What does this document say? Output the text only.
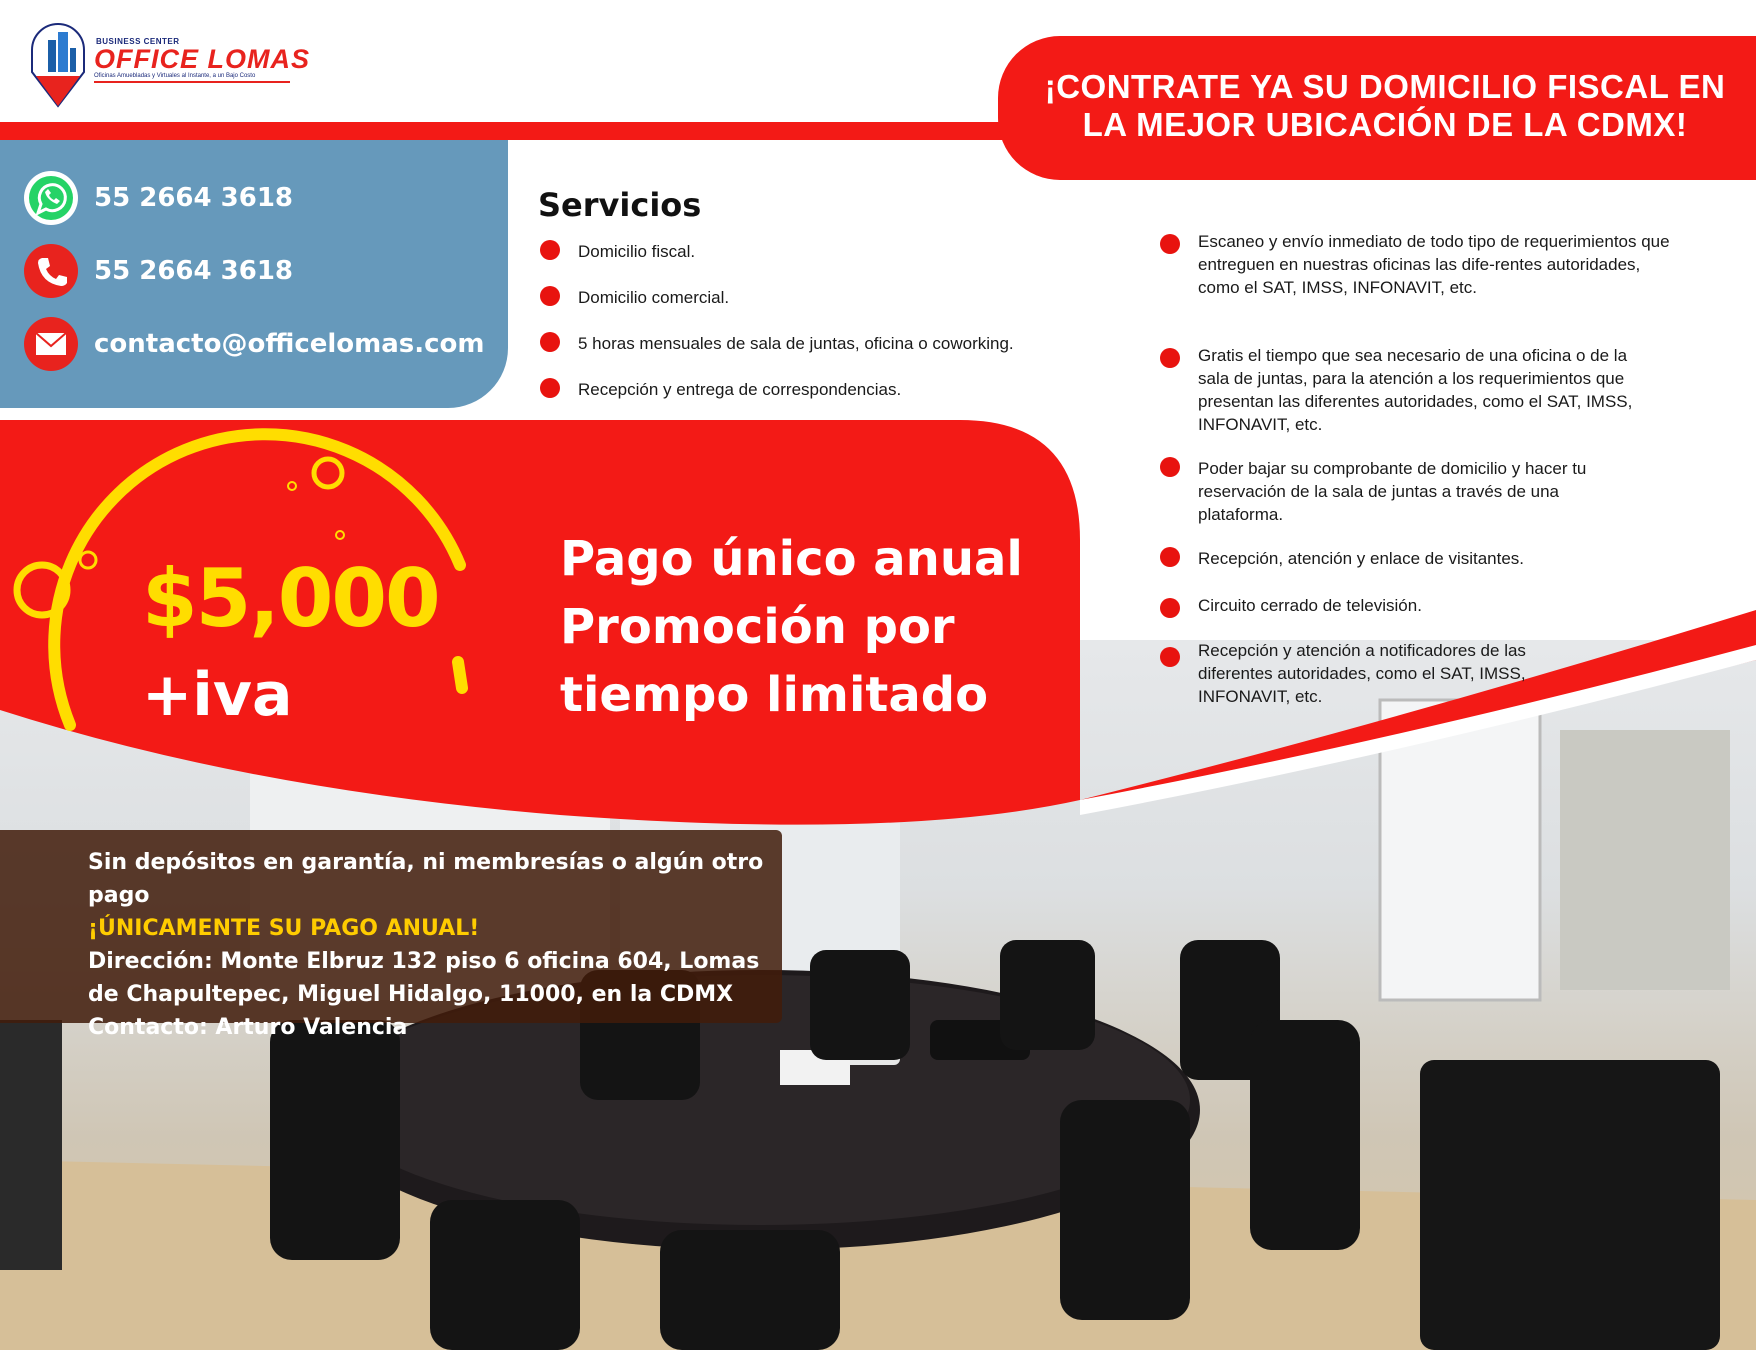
BUSINESS CENTER
OFFICE LOMAS
Oficinas Amuebladas y Virtuales al Instante, a un Bajo Costo	¡CONTRATE YA SU DOMICILIO FISCAL EN LA MEJOR UBICACIÓN DE LA CDMX!
55 2664 3618
55 2664 3618
contacto@officelomas.com
Servicios
Domicilio fiscal.
Domicilio comercial.
5 horas mensuales de sala de juntas, oficina o coworking.
Recepción y entrega de correspondencias.
$5,000
+iva
Pago único anual
Promoción por
tiempo limitado
Escaneo y envío inmediato de todo tipo de requerimientos que entreguen en nuestras oficinas las dife-rentes autoridades, como el SAT, IMSS, INFONAVIT, etc.
Gratis el tiempo que sea necesario de una oficina o de la sala de juntas, para la atención a los requerimientos que presentan las diferentes autoridades, como el SAT, IMSS, INFONAVIT, etc.
Poder bajar su comprobante de domicilio y hacer tu reservación de la sala de juntas a través de una plataforma.
Recepción, atención y enlace de visitantes.
Circuito cerrado de televisión.
Recepción y atención a notificadores de las diferentes autoridades, como el SAT, IMSS, INFONAVIT, etc.
Sin depósitos en garantía, ni membresías o algún otro pago
¡ÚNICAMENTE SU PAGO ANUAL!
Dirección: Monte Elbruz 132 piso 6 oficina 604, Lomas de Chapultepec, Miguel Hidalgo, 11000, en la CDMX
Contacto: Arturo Valencia
